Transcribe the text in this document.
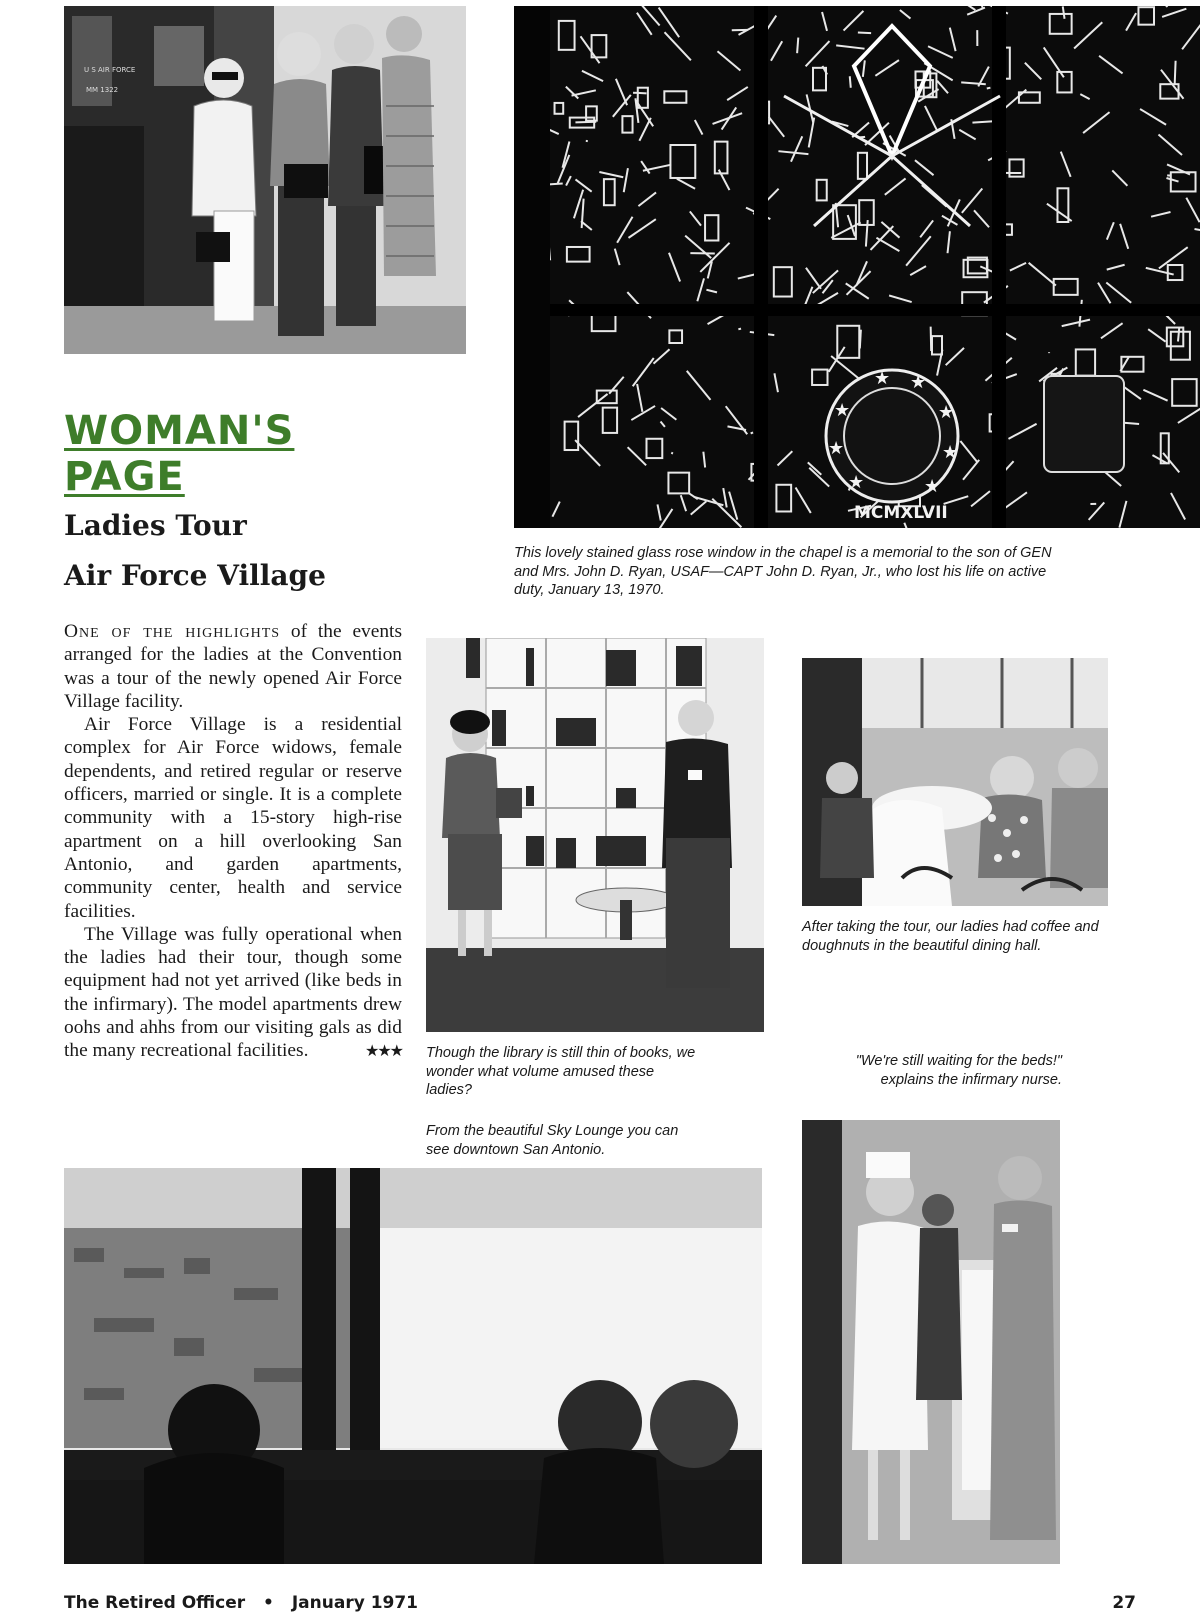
U S AIR FORCE
MM 1322
★ ★
★	★
★	★
★	★
MCMXLVII
WOMAN'S PAGE
Ladies Tour
Air Force Village

This lovely stained glass rose window in the chapel is a memorial to the son of GEN and Mrs. John D. Ryan, USAF—CAPT John D. Ryan, Jr., who lost his life on active duty, January 13, 1970.

One of the highlights of the events arranged for the ladies at the Convention was a tour of the newly opened Air Force Village facility.

Air Force Village is a residential complex for Air Force widows, female dependents, and retired regular or reserve officers, married or single. It is a complete community with a 15-story high-rise apartment on a hill overlooking San Antonio, and garden apartments, community center, health and service facilities.

The Village was fully operational when the ladies had their tour, though some equipment had not yet arrived (like beds in the infirmary). The model apartments drew oohs and ahhs from our visiting gals as did the many recreational facilities.	★★★ Though the library is still thin of books, we wonder what volume amused these ladies?

From the beautiful Sky Lounge you can see downtown San Antonio.

After taking the tour, our ladies had coffee and doughnuts in the beautiful dining hall.

"We're still waiting for the beds!" explains the infirmary nurse.

The Retired Officer • January 1971	27
